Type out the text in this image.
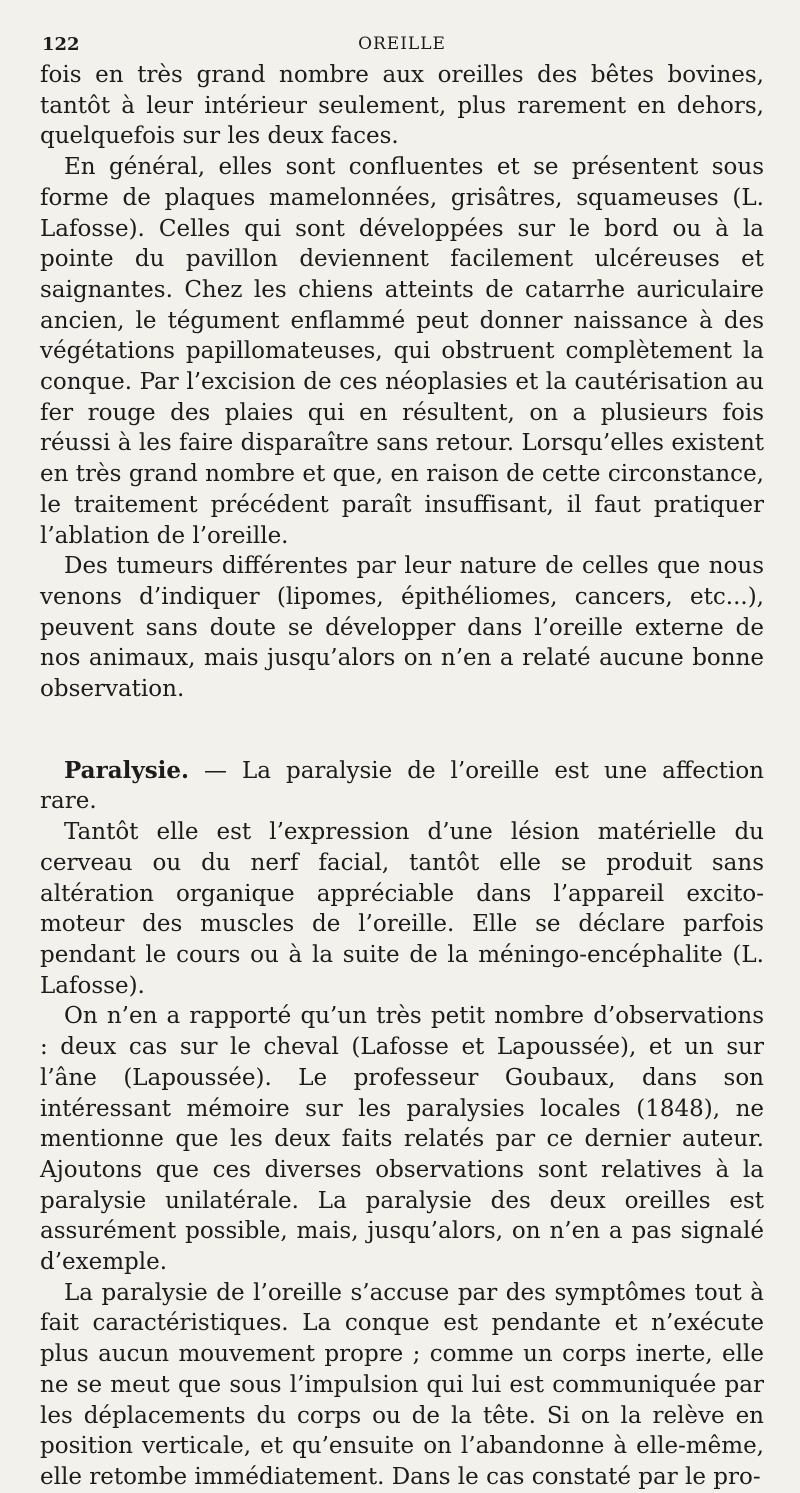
122	OREILLE

fois en très grand nombre aux oreilles des bêtes bovines, tantôt à leur intérieur seulement, plus rarement en dehors, quelquefois sur les deux faces.

En général, elles sont confluentes et se présentent sous forme de plaques mamelonnées, grisâtres, squameuses (L. Lafosse). Celles qui sont développées sur le bord ou à la pointe du pavillon deviennent facilement ulcéreuses et saignantes. Chez les chiens atteints de catarrhe auriculaire ancien, le tégument enflammé peut donner naissance à des végétations papillomateuses, qui obstruent complètement la conque. Par l’excision de ces néoplasies et la cautérisation au fer rouge des plaies qui en résultent, on a plusieurs fois réussi à les faire disparaître sans retour. Lorsqu’elles existent en très grand nombre et que, en raison de cette circonstance, le traitement précédent paraît insuffisant, il faut pratiquer l’ablation de l’oreille.

Des tumeurs différentes par leur nature de celles que nous venons d’indiquer (lipomes, épithéliomes, cancers, etc...), peuvent sans doute se développer dans l’oreille externe de nos animaux, mais jusqu’alors on n’en a relaté aucune bonne observation.

Paralysie. — La paralysie de l’oreille est une affection rare.

Tantôt elle est l’expression d’une lésion matérielle du cerveau ou du nerf facial, tantôt elle se produit sans altération organique appréciable dans l’appareil excito-moteur des muscles de l’oreille. Elle se déclare parfois pendant le cours ou à la suite de la méningo-encéphalite (L. Lafosse).

On n’en a rapporté qu’un très petit nombre d’observations : deux cas sur le cheval (Lafosse et Lapoussée), et un sur l’âne (Lapoussée). Le professeur Goubaux, dans son intéressant mémoire sur les paralysies locales (1848), ne mentionne que les deux faits relatés par ce dernier auteur. Ajoutons que ces diverses observations sont relatives à la paralysie unilatérale. La paralysie des deux oreilles est assurément possible, mais, jusqu’alors, on n’en a pas signalé d’exemple.

La paralysie de l’oreille s’accuse par des symptômes tout à fait caractéristiques. La conque est pendante et n’exécute plus aucun mouvement propre ; comme un corps inerte, elle ne se meut que sous l’impulsion qui lui est communiquée par les déplacements du corps ou de la tête. Si on la relève en position verticale, et qu’ensuite on l’abandonne à elle-même, elle retombe immédiatement. Dans le cas constaté par le pro-
